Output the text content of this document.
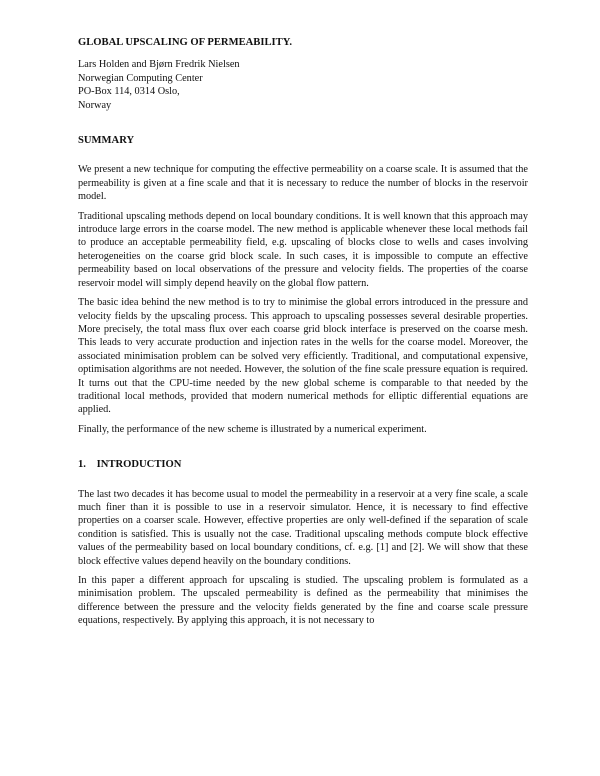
GLOBAL UPSCALING OF PERMEABILITY.
Lars Holden and Bjørn Fredrik Nielsen
Norwegian Computing Center
PO-Box 114, 0314 Oslo,
Norway
SUMMARY

We present a new technique for computing the effective permeability on a coarse scale. It is assumed that the permeability is given at a fine scale and that it is necessary to reduce the number of blocks in the reservoir model.

Traditional upscaling methods depend on local boundary conditions. It is well known that this approach may introduce large errors in the coarse model. The new method is applicable whenever these local methods fail to produce an acceptable permeability field, e.g. upscaling of blocks close to wells and cases involving heterogeneities on the coarse grid block scale. In such cases, it is impossible to compute an effective permeability based on local observations of the pressure and velocity fields. The properties of the coarse reservoir model will simply depend heavily on the global flow pattern.

The basic idea behind the new method is to try to minimise the global errors introduced in the pressure and velocity fields by the upscaling process. This approach to upscaling possesses several desirable properties. More precisely, the total mass flux over each coarse grid block interface is preserved on the coarse mesh. This leads to very accurate production and injection rates in the wells for the coarse model. Moreover, the associated minimisation problem can be solved very efficiently. Traditional, and computational expensive, optimisation algorithms are not needed. However, the solution of the fine scale pressure equation is required. It turns out that the CPU-time needed by the new global scheme is comparable to that needed by the traditional local methods, provided that modern numerical methods for elliptic differential equations are applied.

Finally, the performance of the new scheme is illustrated by a numerical experiment.

1. INTRODUCTION

The last two decades it has become usual to model the permeability in a reservoir at a very fine scale, a scale much finer than it is possible to use in a reservoir simulator. Hence, it is necessary to find effective properties on a coarser scale. However, effective properties are only well-defined if the separation of scale condition is satisfied. This is usually not the case. Traditional upscaling methods compute block effective values of the permeability based on local boundary conditions, cf. e.g. [1] and [2]. We will show that these block effective values depend heavily on the boundary conditions.

In this paper a different approach for upscaling is studied. The upscaling problem is formulated as a minimisation problem. The upscaled permeability is defined as the permeability that minimises the difference between the pressure and the velocity fields generated by the fine and coarse scale pressure equations, respectively. By applying this approach, it is not necessary to
